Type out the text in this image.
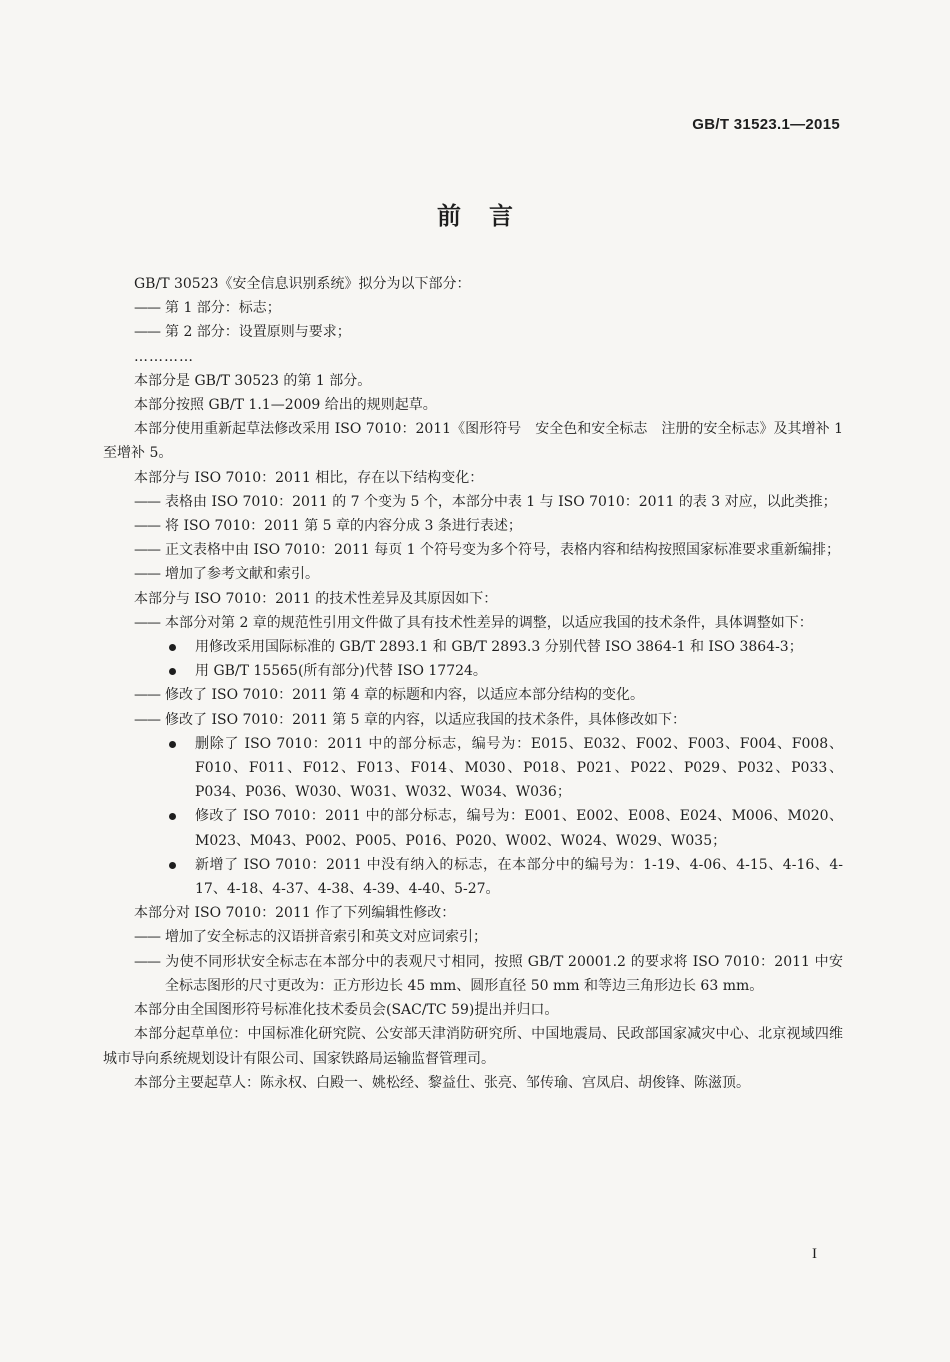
GB/T 31523.1—2015
前言
GB/T 30523《安全信息识别系统》拟分为以下部分：
—— 第 1 部分：标志；
—— 第 2 部分：设置原则与要求；
…………
本部分是 GB/T 30523 的第 1 部分。
本部分按照 GB/T 1.1—2009 给出的规则起草。
本部分使用重新起草法修改采用 ISO 7010：2011《图形符号　安全色和安全标志　注册的安全标志》及其增补 1 至增补 5。
本部分与 ISO 7010：2011 相比，存在以下结构变化：
—— 表格由 ISO 7010：2011 的 7 个变为 5 个，本部分中表 1 与 ISO 7010：2011 的表 3 对应，以此类推；
—— 将 ISO 7010：2011 第 5 章的内容分成 3 条进行表述；
—— 正文表格中由 ISO 7010：2011 每页 1 个符号变为多个符号，表格内容和结构按照国家标准要求重新编排；
—— 增加了参考文献和索引。
本部分与 ISO 7010：2011 的技术性差异及其原因如下：
—— 本部分对第 2 章的规范性引用文件做了具有技术性差异的调整，以适应我国的技术条件，具体调整如下：
用修改采用国际标准的 GB/T 2893.1 和 GB/T 2893.3 分别代替 ISO 3864-1 和 ISO 3864-3；
用 GB/T 15565(所有部分)代替 ISO 17724。
—— 修改了 ISO 7010：2011 第 4 章的标题和内容，以适应本部分结构的变化。
—— 修改了 ISO 7010：2011 第 5 章的内容，以适应我国的技术条件，具体修改如下：
删除了 ISO 7010：2011 中的部分标志，编号为：E015、E032、F002、F003、F004、F008、F010、F011、F012、F013、F014、M030、P018、P021、P022、P029、P032、P033、P034、P036、W030、W031、W032、W034、W036；
修改了 ISO 7010：2011 中的部分标志，编号为：E001、E002、E008、E024、M006、M020、M023、M043、P002、P005、P016、P020、W002、W024、W029、W035；
新增了 ISO 7010：2011 中没有纳入的标志，在本部分中的编号为：1-19、4-06、4-15、4-16、4-17、4-18、4-37、4-38、4-39、4-40、5-27。
本部分对 ISO 7010：2011 作了下列编辑性修改：
—— 增加了安全标志的汉语拼音索引和英文对应词索引；
—— 为使不同形状安全标志在本部分中的表观尺寸相同，按照 GB/T 20001.2 的要求将 ISO 7010：2011 中安全标志图形的尺寸更改为：正方形边长 45 mm、圆形直径 50 mm 和等边三角形边长 63 mm。
本部分由全国图形符号标准化技术委员会(SAC/TC 59)提出并归口。
本部分起草单位：中国标准化研究院、公安部天津消防研究所、中国地震局、民政部国家减灾中心、北京视域四维城市导向系统规划设计有限公司、国家铁路局运输监督管理司。
本部分主要起草人：陈永权、白殿一、姚松经、黎益仕、张亮、邹传瑜、宫凤启、胡俊锋、陈滋顶。
I
